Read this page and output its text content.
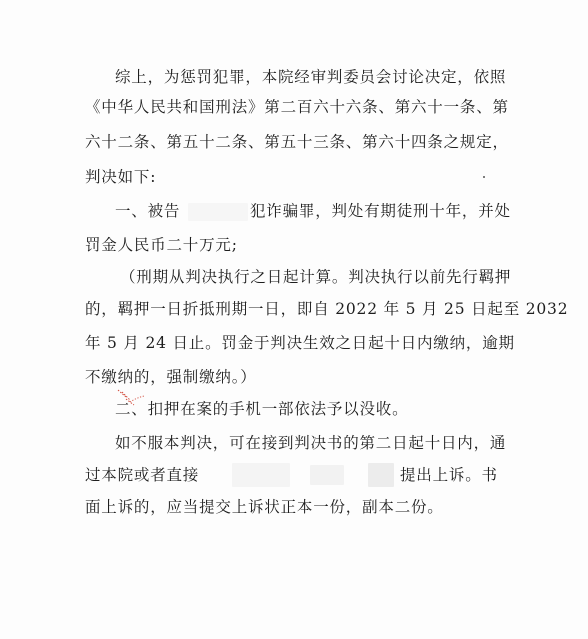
综上，为惩罚犯罪，本院经审判委员会讨论决定，依照
《中华人民共和国刑法》第二百六十六条、第六十一条、第
六十二条、第五十二条、第五十三条、第六十四条之规定，
判决如下:
一、被告	犯诈骗罪，判处有期徒刑十年，并处
罚金人民币二十万元;
（刑期从判决执行之日起计算。判决执行以前先行羁押
的，羁押一日折抵刑期一日，即自 2022 年 5 月 25 日起至 2032
年 5 月 24 日止。罚金于判决生效之日起十日内缴纳，逾期
不缴纳的，强制缴纳。）
二、扣押在案的手机一部依法予以没收。
如不服本判决，可在接到判决书的第二日起十日内，通
过本院或者直接	提出上诉。书
面上诉的，应当提交上诉状正本一份，副本二份。
